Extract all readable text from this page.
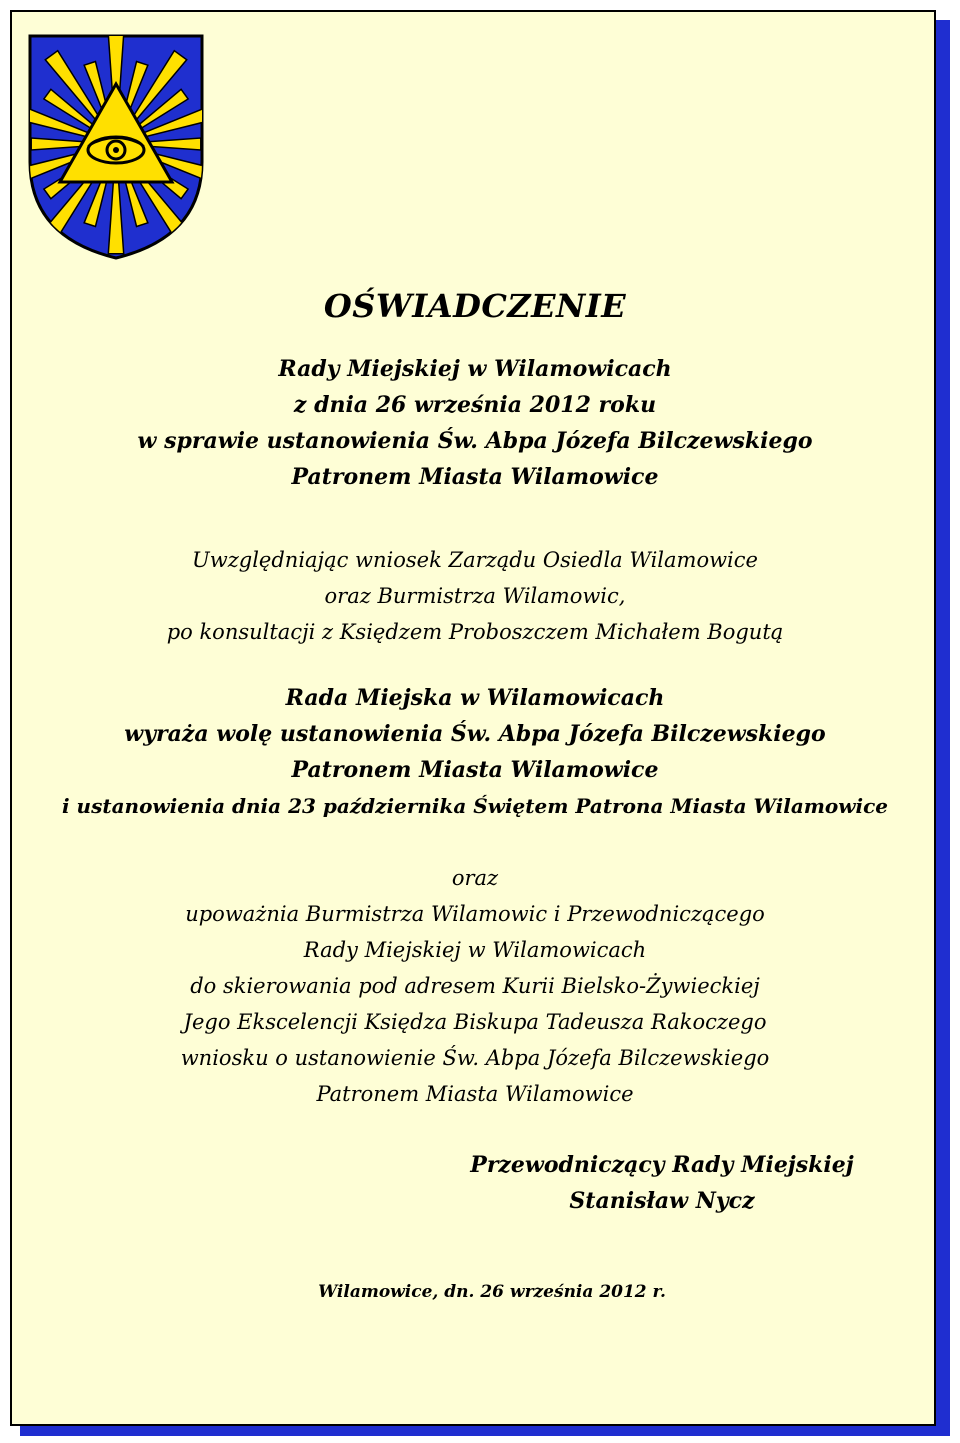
OŚWIADCZENIE
Rady Miejskiej w Wilamowicach
z dnia 26 września 2012 roku
w sprawie ustanowienia Św. Abpa Józefa Bilczewskiego
Patronem Miasta Wilamowice
Uwzględniając wniosek Zarządu Osiedla Wilamowice
oraz Burmistrza Wilamowic,
po konsultacji z Księdzem Proboszczem Michałem Bogutą
Rada Miejska w Wilamowicach
wyraża wolę ustanowienia Św. Abpa Józefa Bilczewskiego
Patronem Miasta Wilamowice
i ustanowienia dnia 23 października Świętem Patrona Miasta Wilamowice
oraz
upoważnia Burmistrza Wilamowic i Przewodniczącego
Rady Miejskiej w Wilamowicach
do skierowania pod adresem Kurii Bielsko-Żywieckiej
Jego Ekscelencji Księdza Biskupa Tadeusza Rakoczego
wniosku o ustanowienie Św. Abpa Józefa Bilczewskiego
Patronem Miasta Wilamowice
Przewodniczący Rady Miejskiej
Stanisław Nycz
Wilamowice, dn. 26 września 2012 r.
